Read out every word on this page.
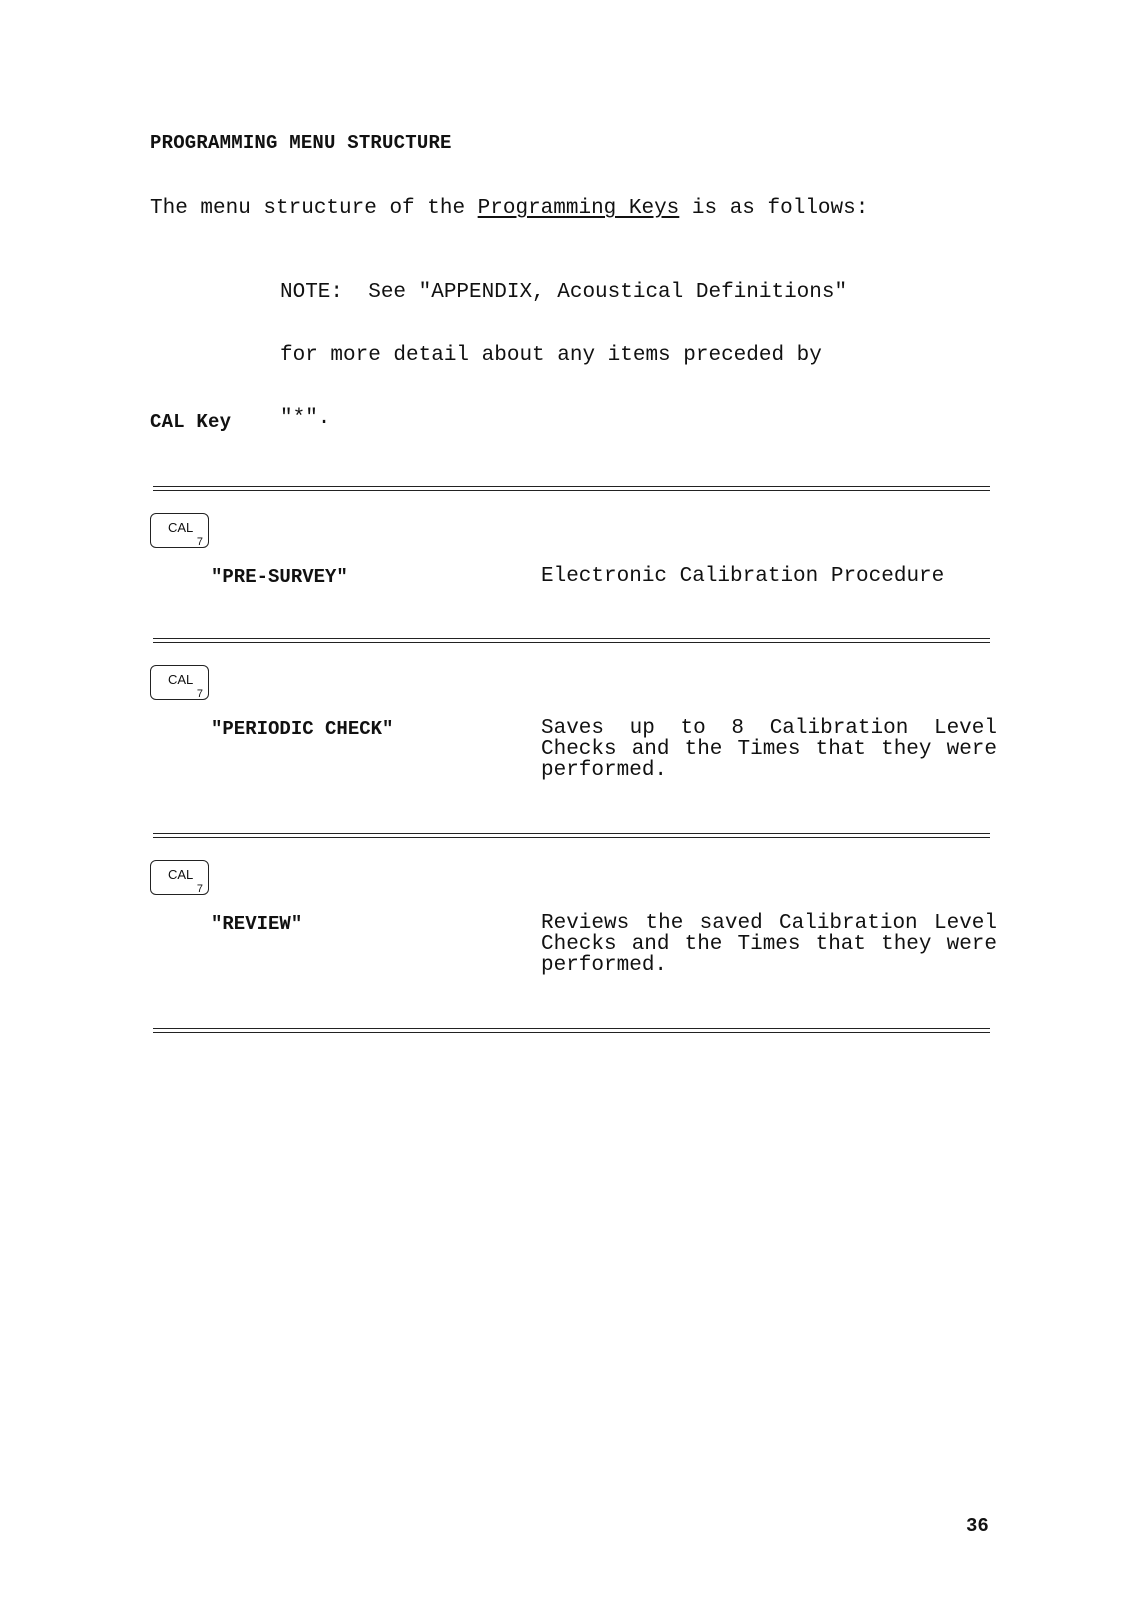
PROGRAMMING MENU STRUCTURE
The menu structure of the Programming Keys is as follows:

NOTE:  See "APPENDIX, Acoustical Definitions"

for more detail about any items preceded by

"*".

CAL Key
CAL
7
"PRE-SURVEY"	Electronic Calibration Procedure
CAL
7
"PERIODIC CHECK"	Saves up to 8 Calibration Level Checks and the Times that they were performed.
CAL
7
"REVIEW"	Reviews the saved Calibration Level Checks and the Times that they were performed.
36
